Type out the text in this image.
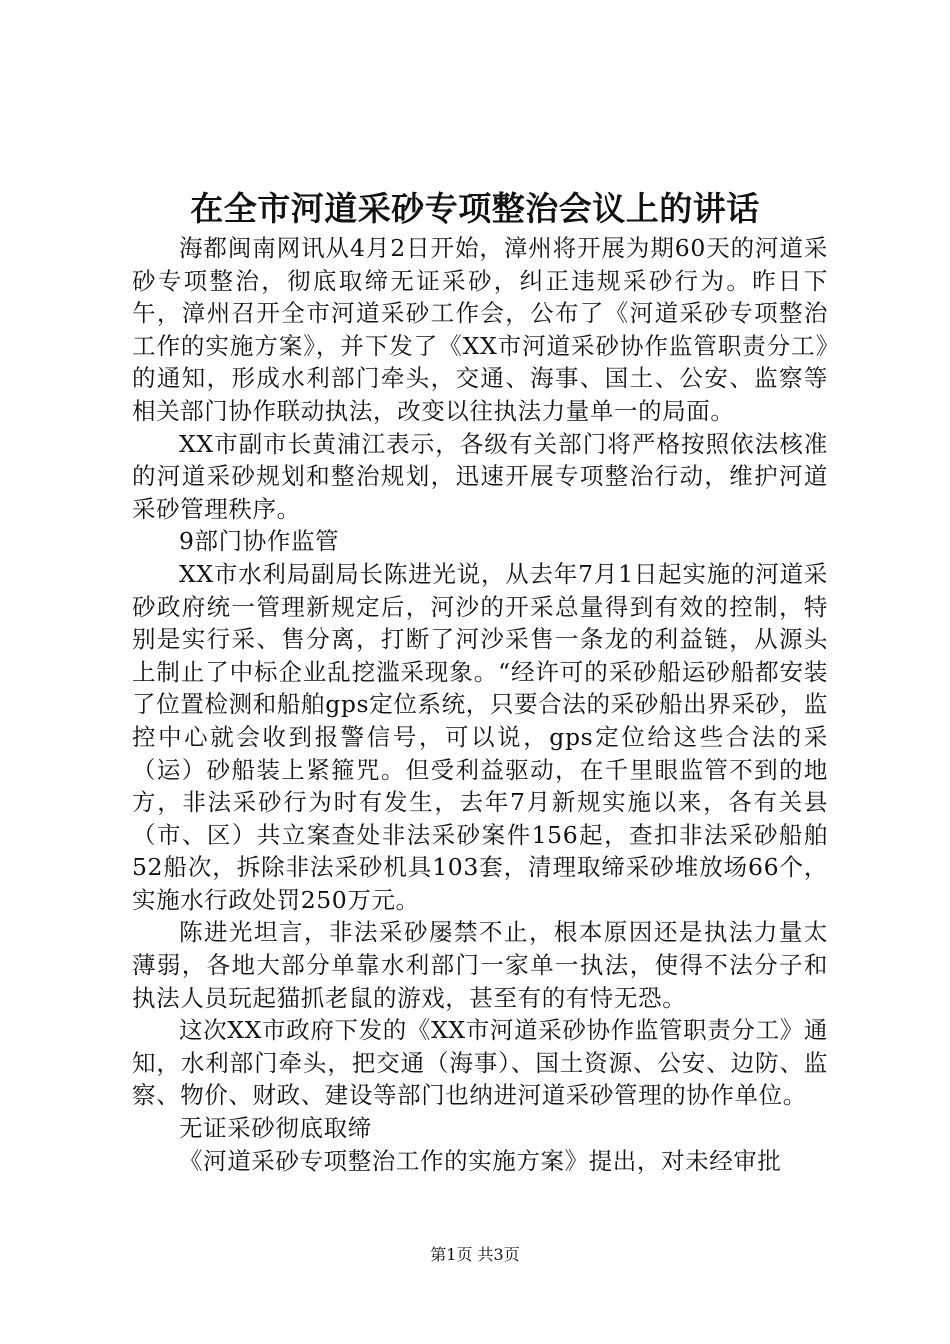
在全市河道采砂专项整治会议上的讲话

海都闽南网讯从4月2日开始，漳州将开展为期60天的河道采砂专项整治，彻底取缔无证采砂，纠正违规采砂行为。昨日下午，漳州召开全市河道采砂工作会，公布了《河道采砂专项整治工作的实施方案》，并下发了《XX市河道采砂协作监管职责分工》的通知，形成水利部门牵头，交通、海事、国土、公安、监察等相关部门协作联动执法，改变以往执法力量单一的局面。

XX市副市长黄浦江表示，各级有关部门将严格按照依法核准的河道采砂规划和整治规划，迅速开展专项整治行动，维护河道采砂管理秩序。

9部门协作监管

XX市水利局副局长陈进光说，从去年7月1日起实施的河道采砂政府统一管理新规定后，河沙的开采总量得到有效的控制，特别是实行采、售分离，打断了河沙采售一条龙的利益链，从源头上制止了中标企业乱挖滥采现象。“经许可的采砂船运砂船都安装了位置检测和船舶gps定位系统，只要合法的采砂船出界采砂，监控中心就会收到报警信号，可以说，gps定位给这些合法的采（运）砂船装上紧箍咒。但受利益驱动，在千里眼监管不到的地方，非法采砂行为时有发生，去年7月新规实施以来，各有关县（市、区）共立案查处非法采砂案件156起，查扣非法采砂船舶52船次，拆除非法采砂机具103套，清理取缔采砂堆放场66个，实施水行政处罚250万元。

陈进光坦言，非法采砂屡禁不止，根本原因还是执法力量太薄弱，各地大部分单靠水利部门一家单一执法，使得不法分子和执法人员玩起猫抓老鼠的游戏，甚至有的有恃无恐。

这次XX市政府下发的《XX市河道采砂协作监管职责分工》通知，水利部门牵头，把交通（海事）、国土资源、公安、边防、监察、物价、财政、建设等部门也纳进河道采砂管理的协作单位。

无证采砂彻底取缔

《河道采砂专项整治工作的实施方案》提出，对未经审批

第1页 共3页
